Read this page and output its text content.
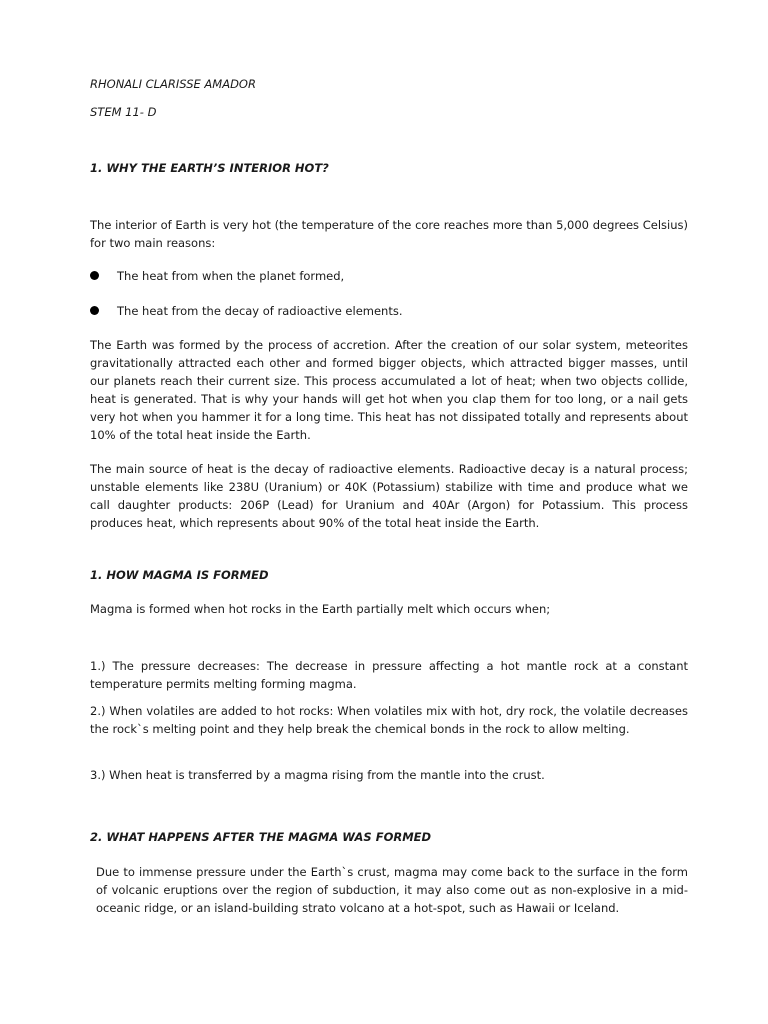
RHONALI CLARISSE AMADOR
STEM 11- D
1. WHY THE EARTH’S INTERIOR HOT?
The interior of Earth is very hot (the temperature of the core reaches more than 5,000 degrees Celsius) for two main reasons:
The heat from when the planet formed,
The heat from the decay of radioactive elements.
The Earth was formed by the process of accretion. After the creation of our solar system, meteorites gravitationally attracted each other and formed bigger objects, which attracted bigger masses, until our planets reach their current size. This process accumulated a lot of heat; when two objects collide, heat is generated. That is why your hands will get hot when you clap them for too long, or a nail gets very hot when you hammer it for a long time. This heat has not dissipated totally and represents about 10% of the total heat inside the Earth.
The main source of heat is the decay of radioactive elements. Radioactive decay is a natural process; unstable elements like 238U (Uranium) or 40K (Potassium) stabilize with time and produce what we call daughter products: 206P (Lead) for Uranium and 40Ar (Argon) for Potassium. This process produces heat, which represents about 90% of the total heat inside the Earth.
1. HOW MAGMA IS FORMED
Magma is formed when hot rocks in the Earth partially melt which occurs when;
1.) The pressure decreases: The decrease in pressure affecting a hot mantle rock at a constant temperature permits melting forming magma.
2.) When volatiles are added to hot rocks: When volatiles mix with hot, dry rock, the volatile decreases the rock`s melting point and they help break the chemical bonds in the rock to allow melting.
3.) When heat is transferred by a magma rising from the mantle into the crust.
2. WHAT HAPPENS AFTER THE MAGMA WAS FORMED
Due to immense pressure under the Earth`s crust, magma may come back to the surface in the form of volcanic eruptions over the region of subduction, it may also come out as non-explosive in a mid-oceanic ridge, or an island-building strato volcano at a hot-spot, such as Hawaii or Iceland.
